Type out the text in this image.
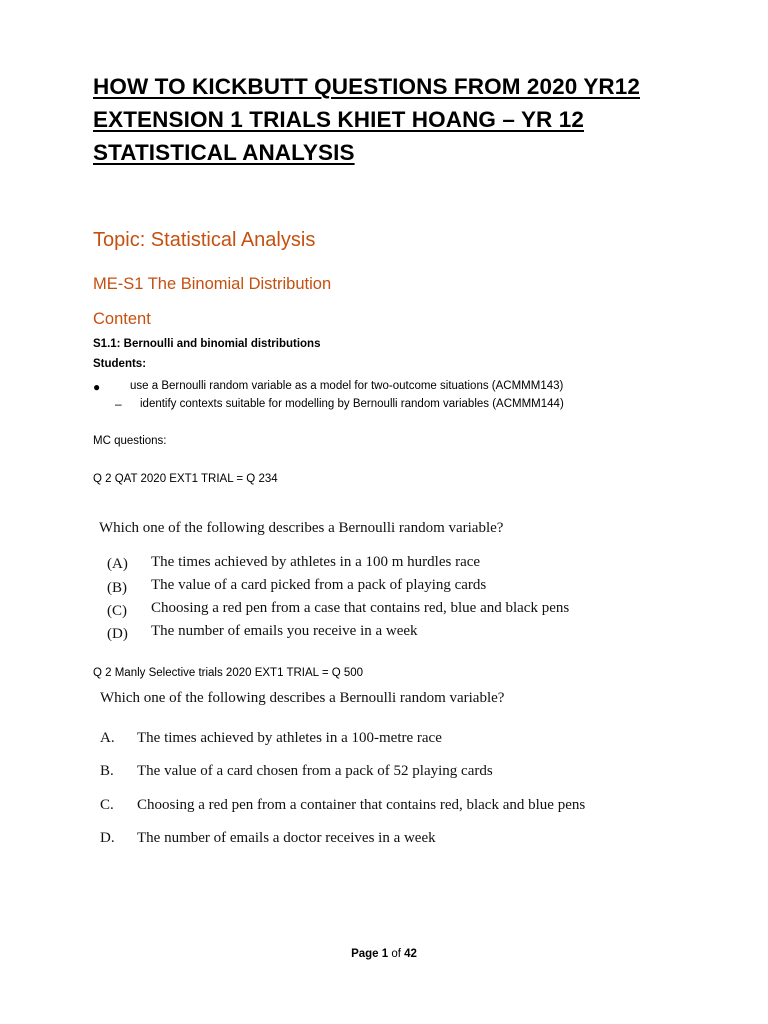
HOW TO KICKBUTT QUESTIONS FROM 2020 YR12
EXTENSION 1 TRIALS KHIET HOANG – YR 12
STATISTICAL ANALYSIS
Topic: Statistical Analysis
ME-S1 The Binomial Distribution
Content
S1.1: Bernoulli and binomial distributions
Students:
●	use a Bernoulli random variable as a model for two-outcome situations (ACMMM143)
– identify contexts suitable for modelling by Bernoulli random variables (ACMMM144)
MC questions:
Q 2 QAT 2020 EXT1 TRIAL = Q 234
Which one of the following describes a Bernoulli random variable?
(A) The times achieved by athletes in a 100 m hurdles race
(B) The value of a card picked from a pack of playing cards
(C) Choosing a red pen from a case that contains red, blue and black pens
(D) The number of emails you receive in a week
Q 2 Manly Selective trials 2020 EXT1 TRIAL = Q 500
Which one of the following describes a Bernoulli random variable?
A. The times achieved by athletes in a 100-metre race
B. The value of a card chosen from a pack of 52 playing cards
C. Choosing a red pen from a container that contains red, black and blue pens
D. The number of emails a doctor receives in a week
Page 1 of 42
